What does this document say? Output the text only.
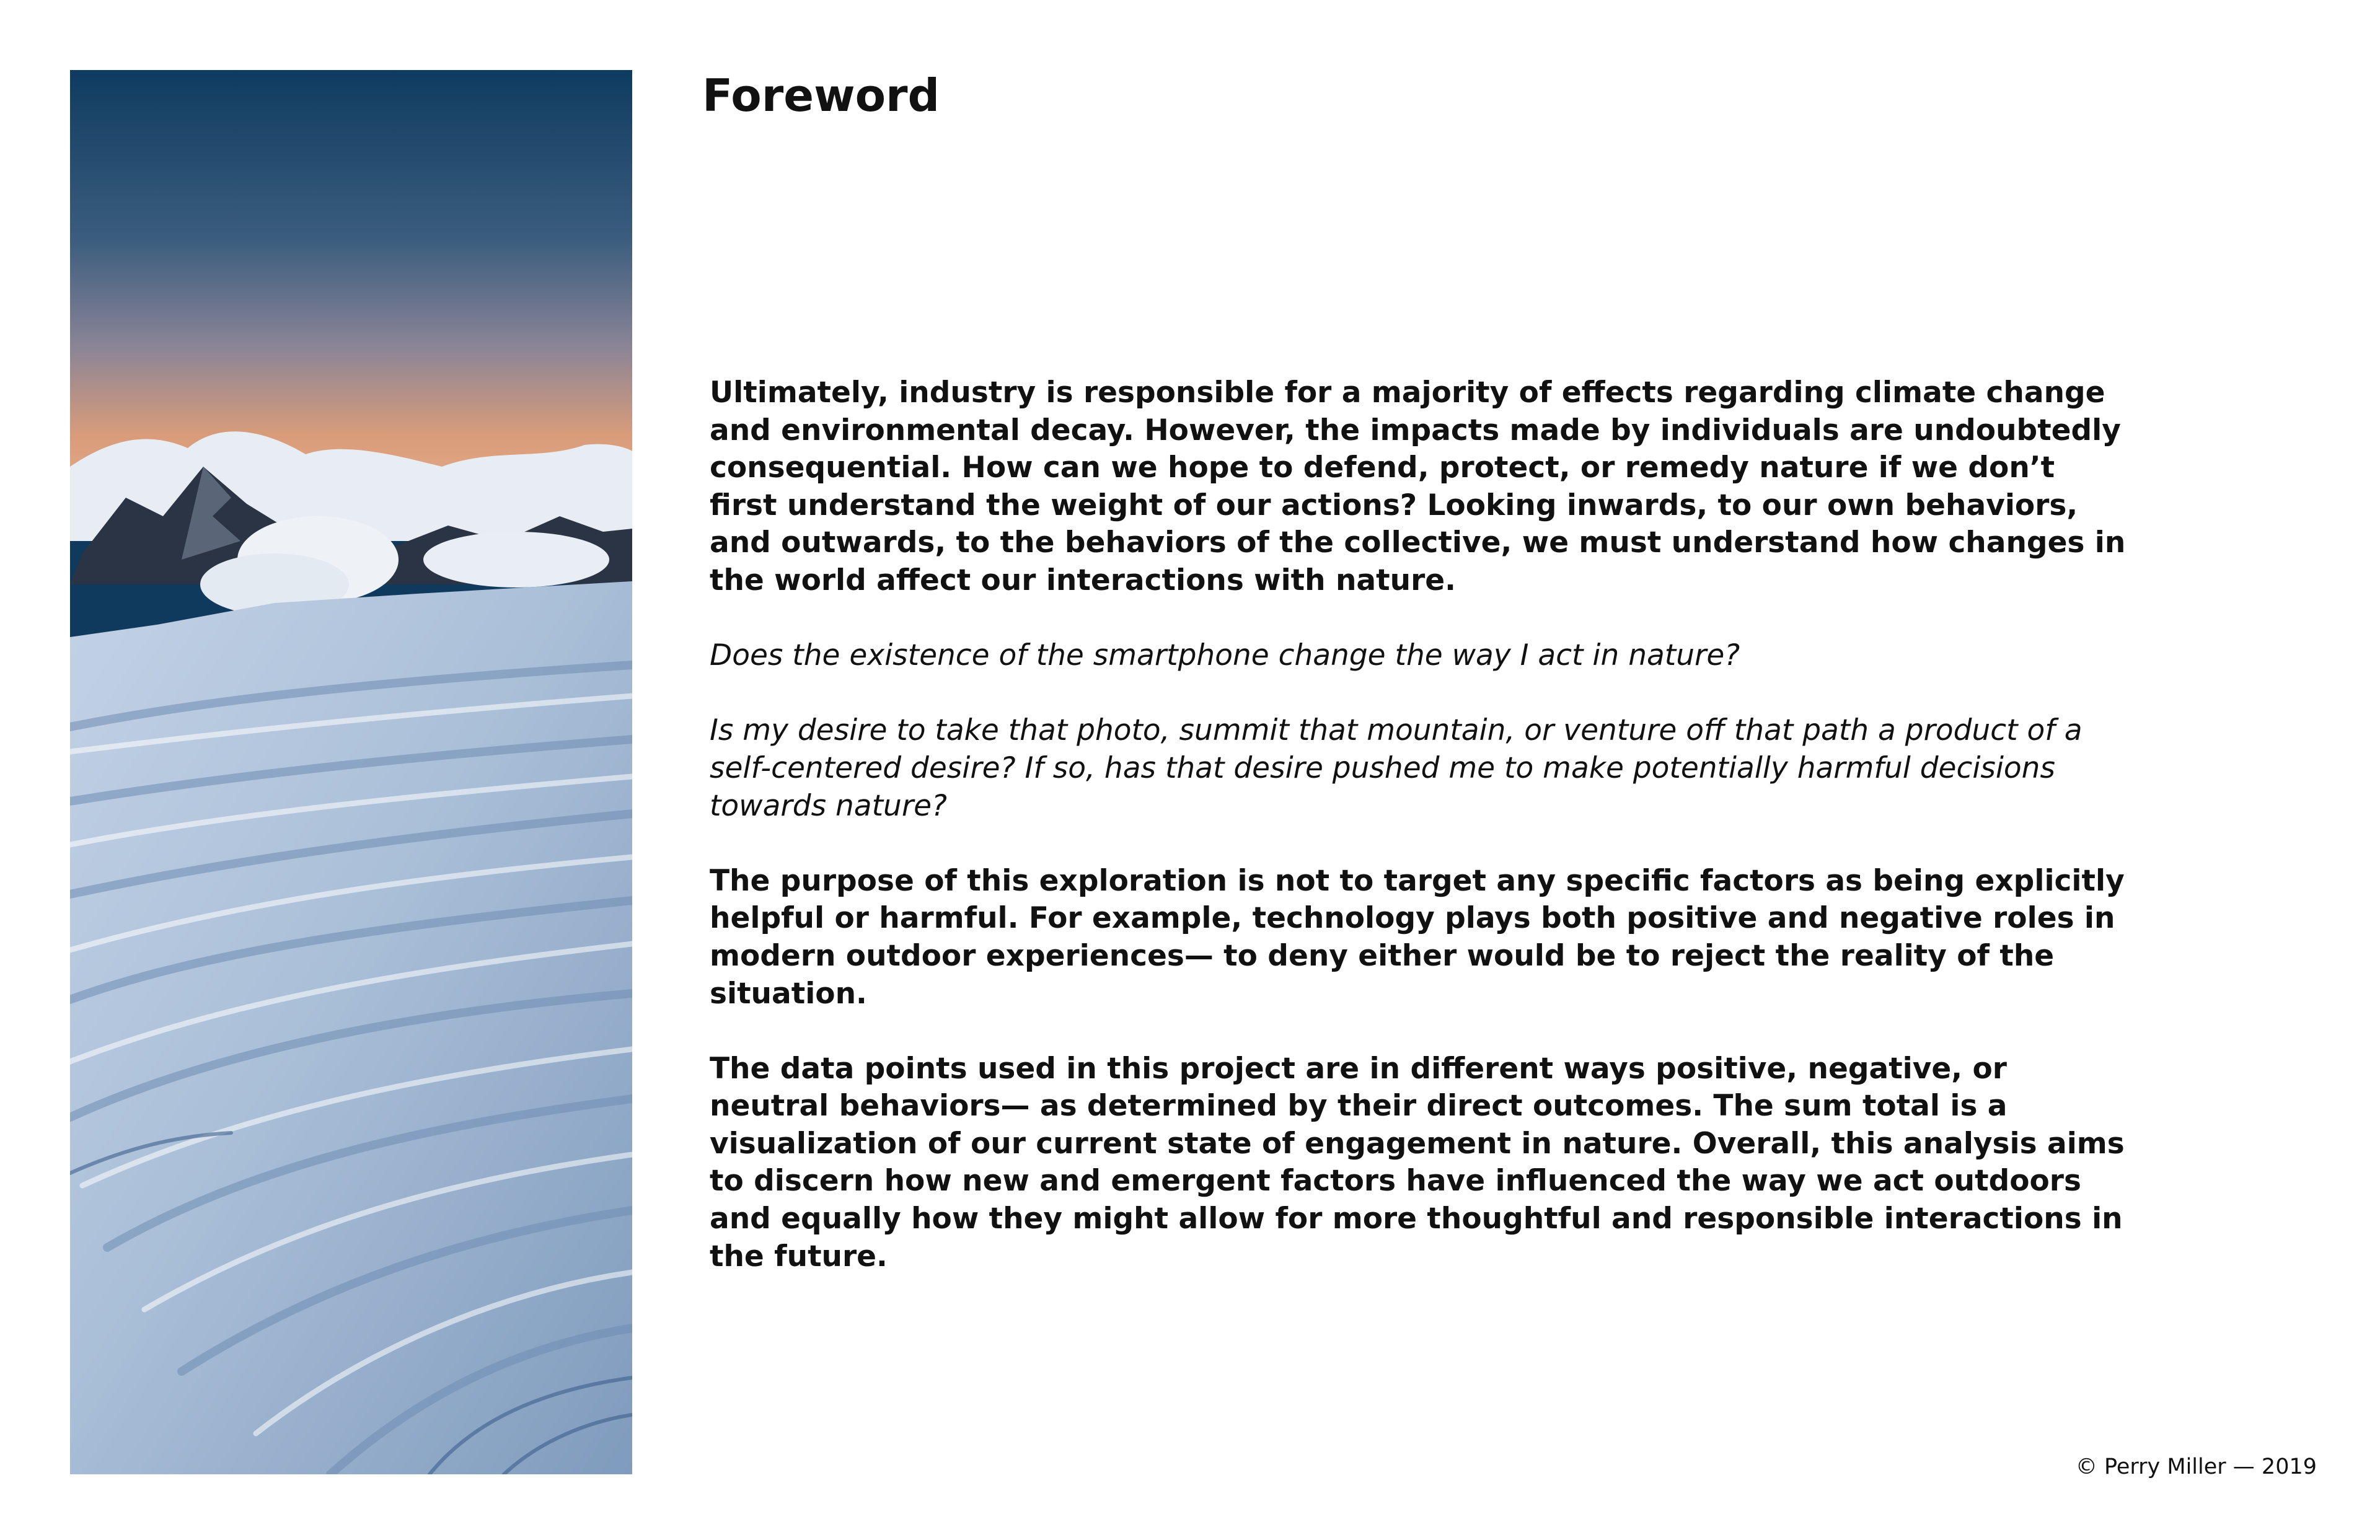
Foreword

Ultimately, industry is responsible for a majority of effects regarding climate change and environmental decay. However, the impacts made by individuals are undoubtedly consequential. How can we hope to defend, protect, or remedy nature if we don’t first understand the weight of our actions? Looking inwards, to our own behaviors, and outwards, to the behaviors of the collective, we must understand how changes in the world affect our interactions with nature.

Does the existence of the smartphone change the way I act in nature?

Is my desire to take that photo, summit that mountain, or venture off that path a product of a self-centered desire? If so, has that desire pushed me to make potentially harmful decisions towards nature?

The purpose of this exploration is not to target any specific factors as being explicitly helpful or harmful. For example, technology plays both positive and negative roles in modern outdoor experiences— to deny either would be to reject the reality of the situation.

The data points used in this project are in different ways positive, negative, or neutral behaviors— as determined by their direct outcomes. The sum total is a visualization of our current state of engagement in nature. Overall, this analysis aims to discern how new and emergent factors have influenced the way we act outdoors and equally how they might allow for more thoughtful and responsible interactions in the future.

© Perry Miller — 2019
